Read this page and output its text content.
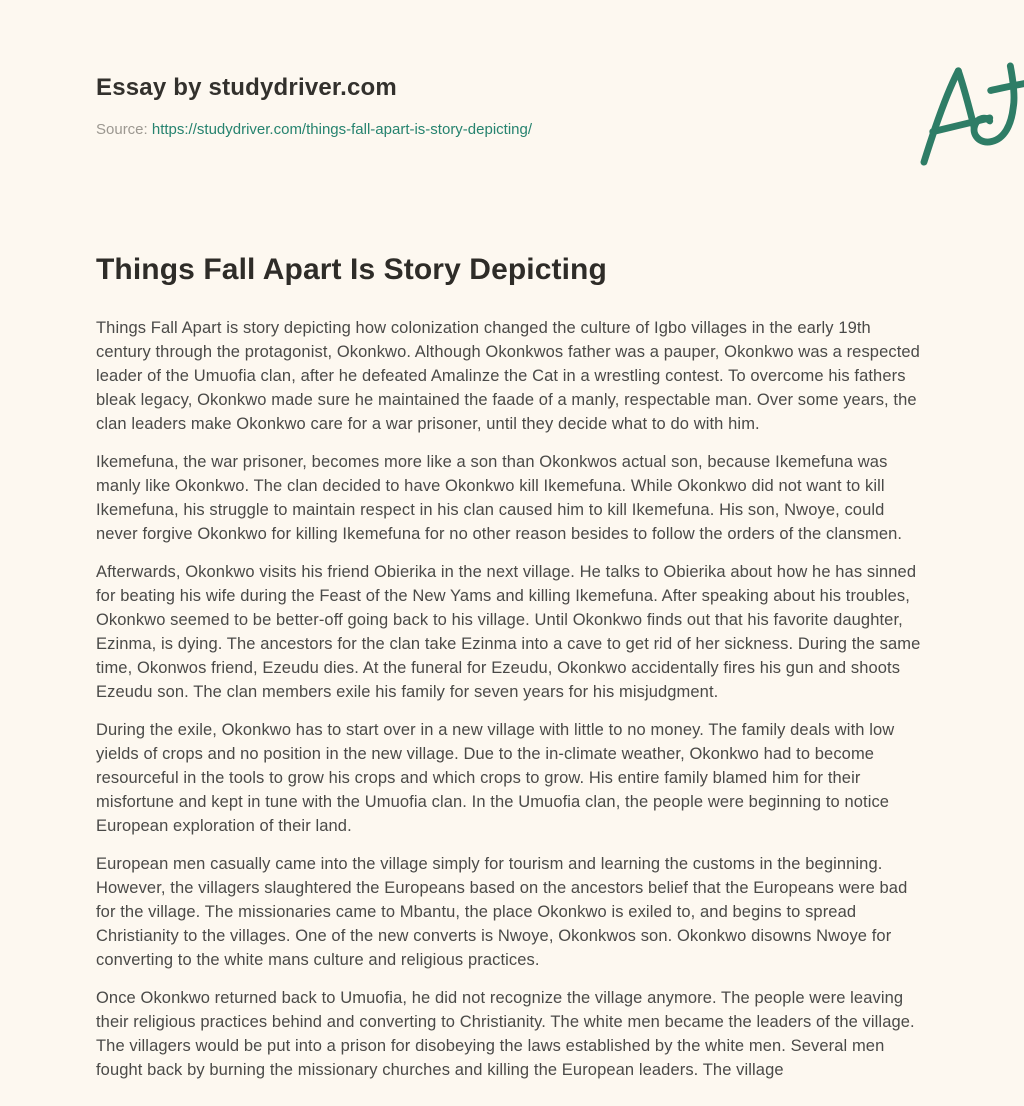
Essay by studydriver.com

Source: https://studydriver.com/things-fall-apart-is-story-depicting/

Things Fall Apart Is Story Depicting

Things Fall Apart is story depicting how colonization changed the culture of Igbo villages in the early 19th century through the protagonist, Okonkwo. Although Okonkwos father was a pauper, Okonkwo was a respected leader of the Umuofia clan, after he defeated Amalinze the Cat in a wrestling contest. To overcome his fathers bleak legacy, Okonkwo made sure he maintained the faade of a manly, respectable man. Over some years, the clan leaders make Okonkwo care for a war prisoner, until they decide what to do with him.

Ikemefuna, the war prisoner, becomes more like a son than Okonkwos actual son, because Ikemefuna was manly like Okonkwo. The clan decided to have Okonkwo kill Ikemefuna. While Okonkwo did not want to kill Ikemefuna, his struggle to maintain respect in his clan caused him to kill Ikemefuna. His son, Nwoye, could never forgive Okonkwo for killing Ikemefuna for no other reason besides to follow the orders of the clansmen.

Afterwards, Okonkwo visits his friend Obierika in the next village. He talks to Obierika about how he has sinned for beating his wife during the Feast of the New Yams and killing Ikemefuna. After speaking about his troubles, Okonkwo seemed to be better-off going back to his village. Until Okonkwo finds out that his favorite daughter, Ezinma, is dying. The ancestors for the clan take Ezinma into a cave to get rid of her sickness. During the same time, Okonwos friend, Ezeudu dies. At the funeral for Ezeudu, Okonkwo accidentally fires his gun and shoots Ezeudu son. The clan members exile his family for seven years for his misjudgment.

During the exile, Okonkwo has to start over in a new village with little to no money. The family deals with low yields of crops and no position in the new village. Due to the in-climate weather, Okonkwo had to become resourceful in the tools to grow his crops and which crops to grow. His entire family blamed him for their misfortune and kept in tune with the Umuofia clan. In the Umuofia clan, the people were beginning to notice European exploration of their land.

European men casually came into the village simply for tourism and learning the customs in the beginning. However, the villagers slaughtered the Europeans based on the ancestors belief that the Europeans were bad for the village. The missionaries came to Mbantu, the place Okonkwo is exiled to, and begins to spread Christianity to the villages. One of the new converts is Nwoye, Okonkwos son. Okonkwo disowns Nwoye for converting to the white mans culture and religious practices.

Once Okonkwo returned back to Umuofia, he did not recognize the village anymore. The people were leaving their religious practices behind and converting to Christianity. The white men became the leaders of the village. The villagers would be put into a prison for disobeying the laws established by the white men. Several men fought back by burning the missionary churches and killing the European leaders. The village
